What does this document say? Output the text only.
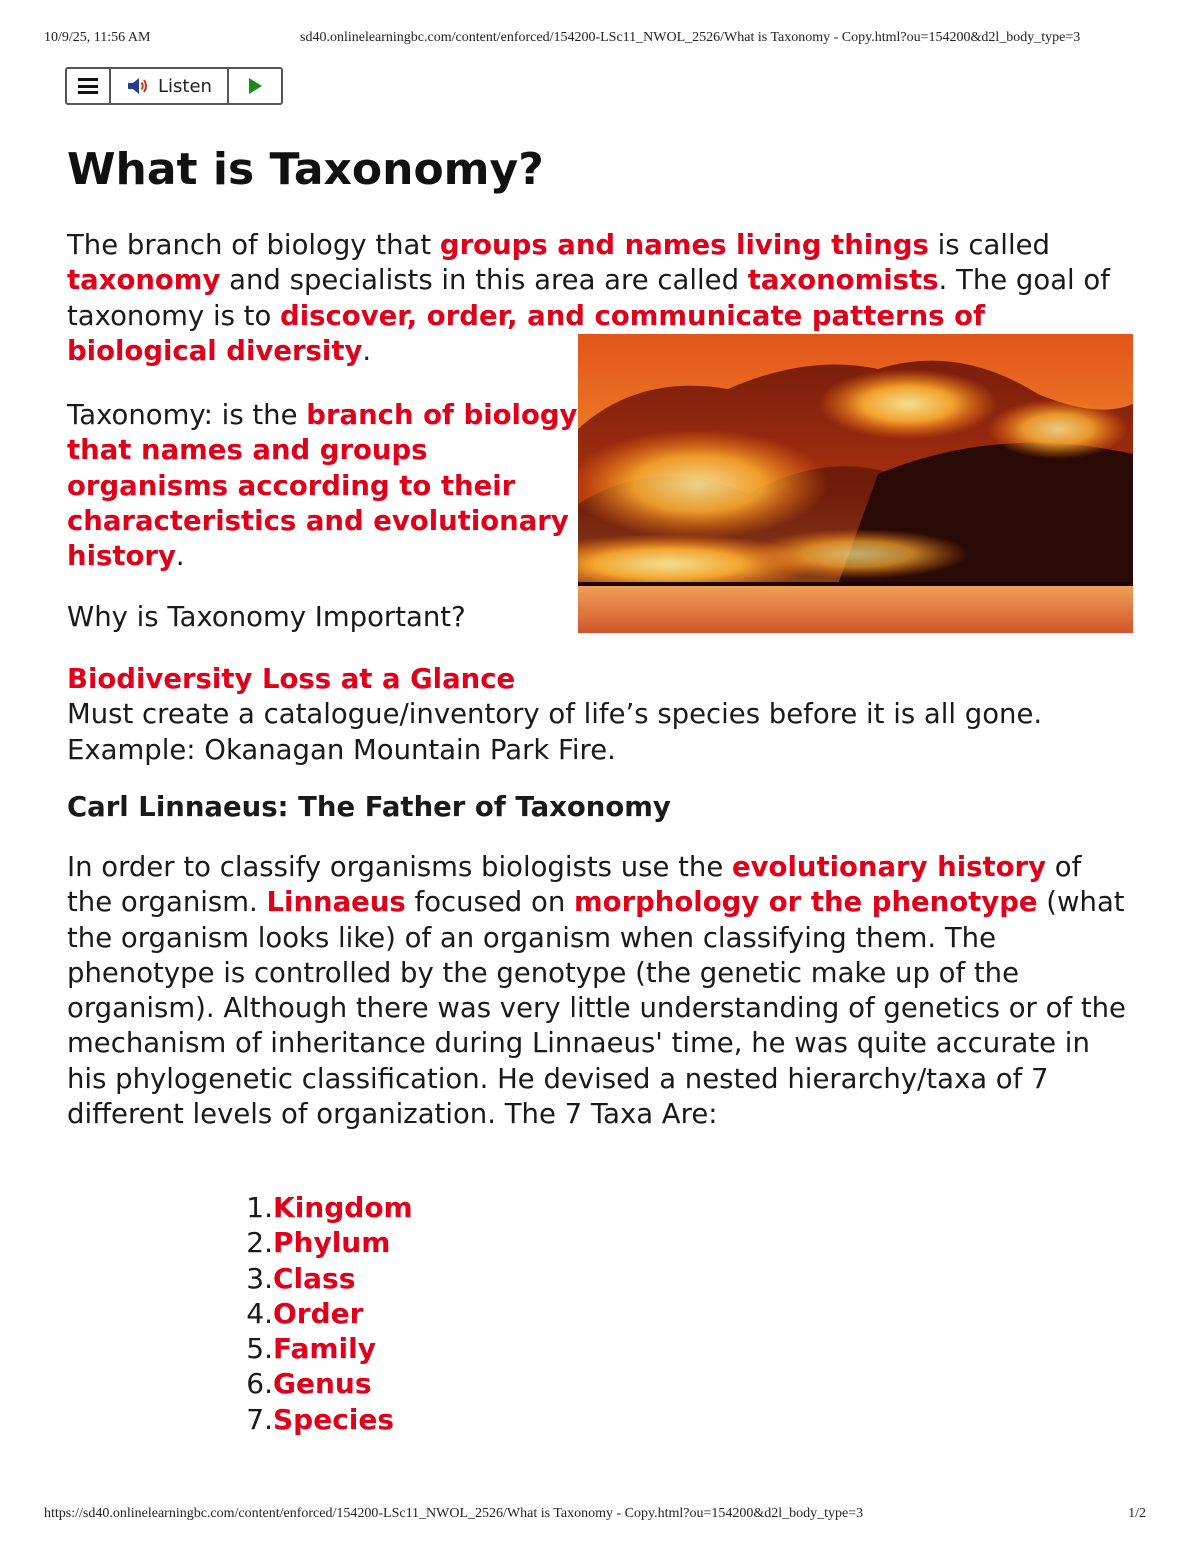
10/9/25, 11:56 AM	sd40.onlinelearningbc.com/content/enforced/154200-LSc11_NWOL_2526/What is Taxonomy - Copy.html?ou=154200&d2l_body_type=3
Listen
What is Taxonomy?

The branch of biology that groups and names living things is called taxonomy and specialists in this area are called taxonomists. The goal of taxonomy is to discover, order, and communicate patterns of biological diversity.

Taxonomy: is the branch of biology that names and groups organisms according to their characteristics and evolutionary history.

Why is Taxonomy Important?

Biodiversity Loss at a Glance
Must create a catalogue/inventory of life’s species before it is all gone.
Example: Okanagan Mountain Park Fire.

Carl Linnaeus: The Father of Taxonomy

In order to classify organisms biologists use the evolutionary history of the organism. Linnaeus focused on morphology or the phenotype (what the organism looks like) of an organism when classifying them. The phenotype is controlled by the genotype (the genetic make up of the organism). Although there was very little understanding of genetics or of the mechanism of inheritance during Linnaeus' time, he was quite accurate in his phylogenetic classification. He devised a nested hierarchy/taxa of 7 different levels of organization. The 7 Taxa Are:

1.Kingdom
2.Phylum
3.Class
4.Order
5.Family
6.Genus
7.Species
https://sd40.onlinelearningbc.com/content/enforced/154200-LSc11_NWOL_2526/What is Taxonomy - Copy.html?ou=154200&d2l_body_type=3	1/2
